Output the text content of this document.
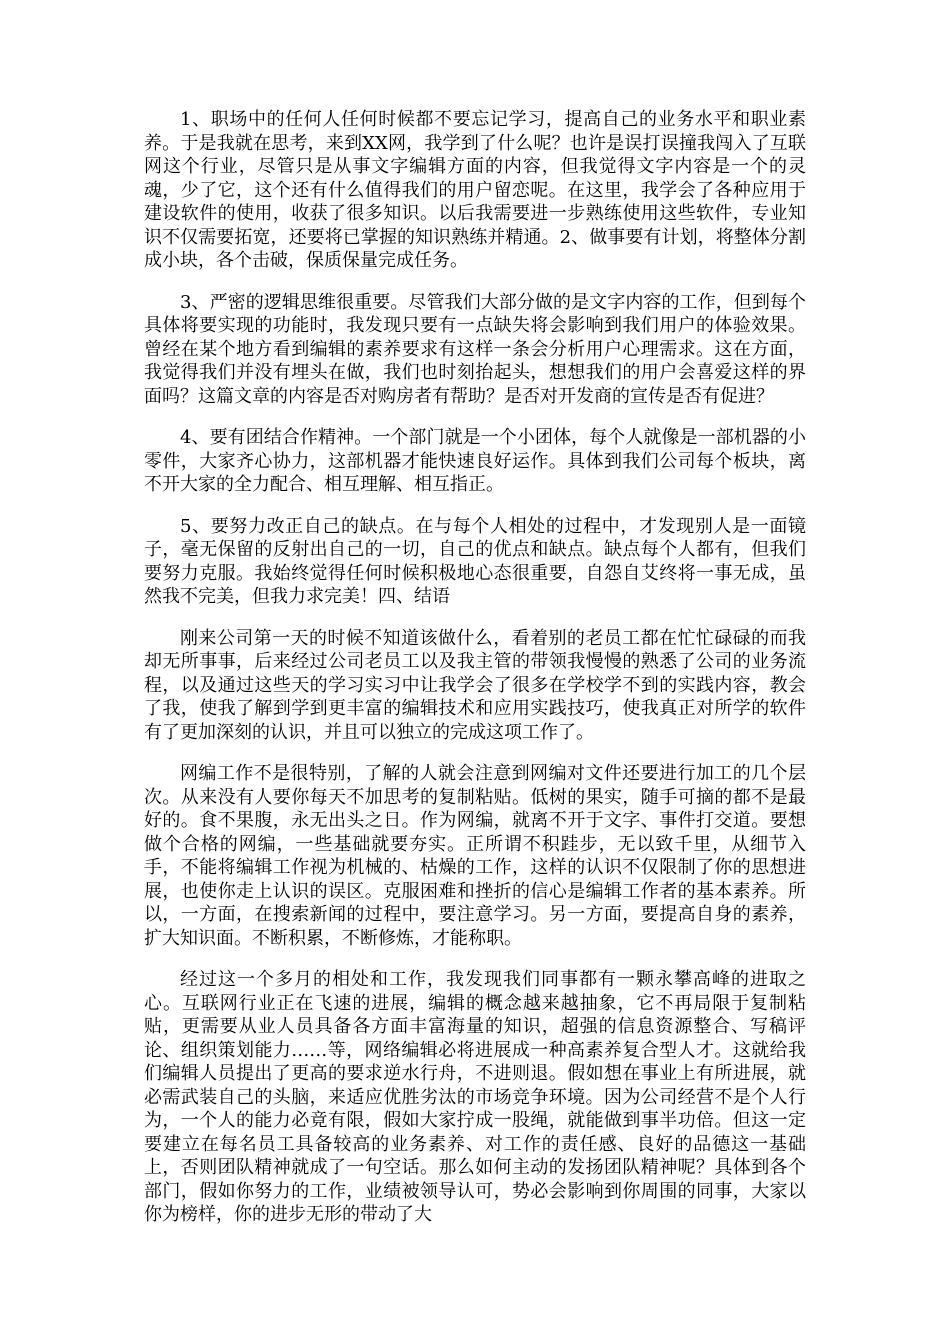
1、职场中的任何人任何时候都不要忘记学习，提高自己的业务水平和职业素养。于是我就在思考，来到XX网，我学到了什么呢？也许是误打误撞我闯入了互联网这个行业，尽管只是从事文字编辑方面的内容，但我觉得文字内容是一个的灵魂，少了它，这个还有什么值得我们的用户留恋呢。在这里，我学会了各种应用于建设软件的使用，收获了很多知识。以后我需要进一步熟练使用这些软件，专业知识不仅需要拓宽，还要将已掌握的知识熟练并精通。2、做事要有计划，将整体分割成小块，各个击破，保质保量完成任务。

3、严密的逻辑思维很重要。尽管我们大部分做的是文字内容的工作，但到每个具体将要实现的功能时，我发现只要有一点缺失将会影响到我们用户的体验效果。曾经在某个地方看到编辑的素养要求有这样一条会分析用户心理需求。这在方面，我觉得我们并没有埋头在做，我们也时刻抬起头，想想我们的用户会喜爱这样的界面吗？这篇文章的内容是否对购房者有帮助？是否对开发商的宣传是否有促进？

4、要有团结合作精神。一个部门就是一个小团体，每个人就像是一部机器的小零件，大家齐心协力，这部机器才能快速良好运作。具体到我们公司每个板块，离不开大家的全力配合、相互理解、相互指正。

5、要努力改正自己的缺点。在与每个人相处的过程中，才发现别人是一面镜子，毫无保留的反射出自己的一切，自己的优点和缺点。缺点每个人都有，但我们要努力克服。我始终觉得任何时候积极地心态很重要，自怨自艾终将一事无成，虽然我不完美，但我力求完美！四、结语

刚来公司第一天的时候不知道该做什么，看着别的老员工都在忙忙碌碌的而我却无所事事，后来经过公司老员工以及我主管的带领我慢慢的熟悉了公司的业务流程，以及通过这些天的学习实习中让我学会了很多在学校学不到的实践内容，教会了我，使我了解到学到更丰富的编辑技术和应用实践技巧，使我真正对所学的软件有了更加深刻的认识，并且可以独立的完成这项工作了。

网编工作不是很特别，了解的人就会注意到网编对文件还要进行加工的几个层次。从来没有人要你每天不加思考的复制粘贴。低树的果实，随手可摘的都不是最好的。食不果腹，永无出头之日。作为网编，就离不开于文字、事件打交道。要想做个合格的网编，一些基础就要夯实。正所谓不积跬步，无以致千里，从细节入手，不能将编辑工作视为机械的、枯燥的工作，这样的认识不仅限制了你的思想进展，也使你走上认识的误区。克服困难和挫折的信心是编辑工作者的基本素养。所以，一方面，在搜索新闻的过程中，要注意学习。另一方面，要提高自身的素养，扩大知识面。不断积累，不断修炼，才能称职。

经过这一个多月的相处和工作，我发现我们同事都有一颗永攀高峰的进取之心。互联网行业正在飞速的进展，编辑的概念越来越抽象，它不再局限于复制粘贴，更需要从业人员具备各方面丰富海量的知识，超强的信息资源整合、写稿评论、组织策划能力……等，网络编辑必将进展成一种高素养复合型人才。这就给我们编辑人员提出了更高的要求逆水行舟，不进则退。假如想在事业上有所进展，就必需武装自己的头脑，来适应优胜劣汰的市场竞争环境。因为公司经营不是个人行为，一个人的能力必竟有限，假如大家拧成一股绳，就能做到事半功倍。但这一定要建立在每名员工具备较高的业务素养、对工作的责任感、良好的品德这一基础上，否则团队精神就成了一句空话。那么如何主动的发扬团队精神呢？具体到各个部门，假如你努力的工作，业绩被领导认可，势必会影响到你周围的同事，大家以你为榜样，你的进步无形的带动了大
